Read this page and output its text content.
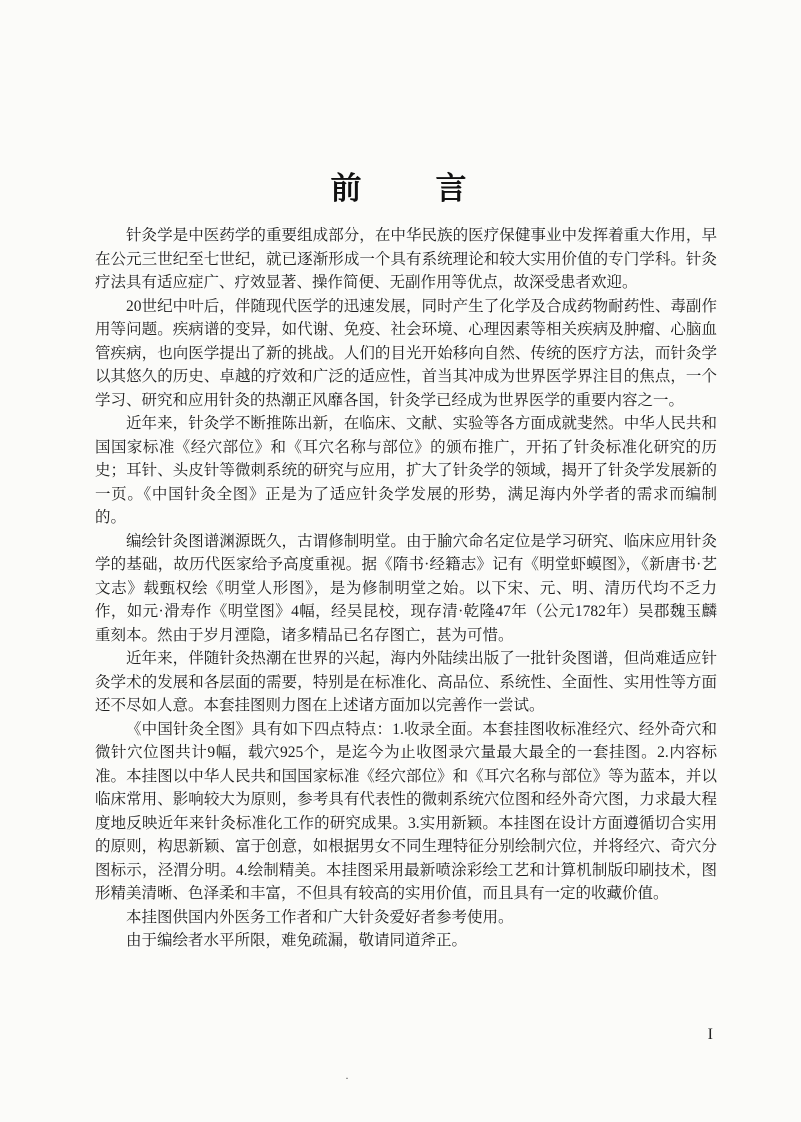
前　　言

针灸学是中医药学的重要组成部分，在中华民族的医疗保健事业中发挥着重大作用，早在公元三世纪至七世纪，就已逐渐形成一个具有系统理论和较大实用价值的专门学科。针灸疗法具有适应症广、疗效显著、操作简便、无副作用等优点，故深受患者欢迎。

20世纪中叶后，伴随现代医学的迅速发展，同时产生了化学及合成药物耐药性、毒副作用等问题。疾病谱的变异，如代谢、免疫、社会环境、心理因素等相关疾病及肿瘤、心脑血管疾病，也向医学提出了新的挑战。人们的目光开始移向自然、传统的医疗方法，而针灸学以其悠久的历史、卓越的疗效和广泛的适应性，首当其冲成为世界医学界注目的焦点，一个学习、研究和应用针灸的热潮正风靡各国，针灸学已经成为世界医学的重要内容之一。

近年来，针灸学不断推陈出新，在临床、文献、实验等各方面成就斐然。中华人民共和国国家标准《经穴部位》和《耳穴名称与部位》的颁布推广，开拓了针灸标准化研究的历史；耳针、头皮针等微刺系统的研究与应用，扩大了针灸学的领域，揭开了针灸学发展新的一页。《中国针灸全图》正是为了适应针灸学发展的形势，满足海内外学者的需求而编制的。

编绘针灸图谱渊源既久，古谓修制明堂。由于腧穴命名定位是学习研究、临床应用针灸学的基础，故历代医家给予高度重视。据《隋书·经籍志》记有《明堂虾蟆图》，《新唐书·艺文志》载甄权绘《明堂人形图》，是为修制明堂之始。以下宋、元、明、清历代均不乏力作，如元·滑寿作《明堂图》4幅，经吴昆校，现存清·乾隆47年（公元1782年）吴郡魏玉麟重刻本。然由于岁月湮隐，诸多精品已名存图亡，甚为可惜。

近年来，伴随针灸热潮在世界的兴起，海内外陆续出版了一批针灸图谱，但尚难适应针灸学术的发展和各层面的需要，特别是在标准化、高品位、系统性、全面性、实用性等方面还不尽如人意。本套挂图则力图在上述诸方面加以完善作一尝试。

《中国针灸全图》具有如下四点特点：1.收录全面。本套挂图收标准经穴、经外奇穴和微针穴位图共计9幅，载穴925个，是迄今为止收图录穴量最大最全的一套挂图。2.内容标准。本挂图以中华人民共和国国家标准《经穴部位》和《耳穴名称与部位》等为蓝本，并以临床常用、影响较大为原则，参考具有代表性的微刺系统穴位图和经外奇穴图，力求最大程度地反映近年来针灸标准化工作的研究成果。3.实用新颖。本挂图在设计方面遵循切合实用的原则，构思新颖、富于创意，如根据男女不同生理特征分别绘制穴位，并将经穴、奇穴分图标示，泾渭分明。4.绘制精美。本挂图采用最新喷涂彩绘工艺和计算机制版印刷技术，图形精美清晰、色泽柔和丰富，不但具有较高的实用价值，而且具有一定的收藏价值。

本挂图供国内外医务工作者和广大针灸爱好者参考使用。

由于编绘者水平所限，难免疏漏，敬请同道斧正。

·
I
